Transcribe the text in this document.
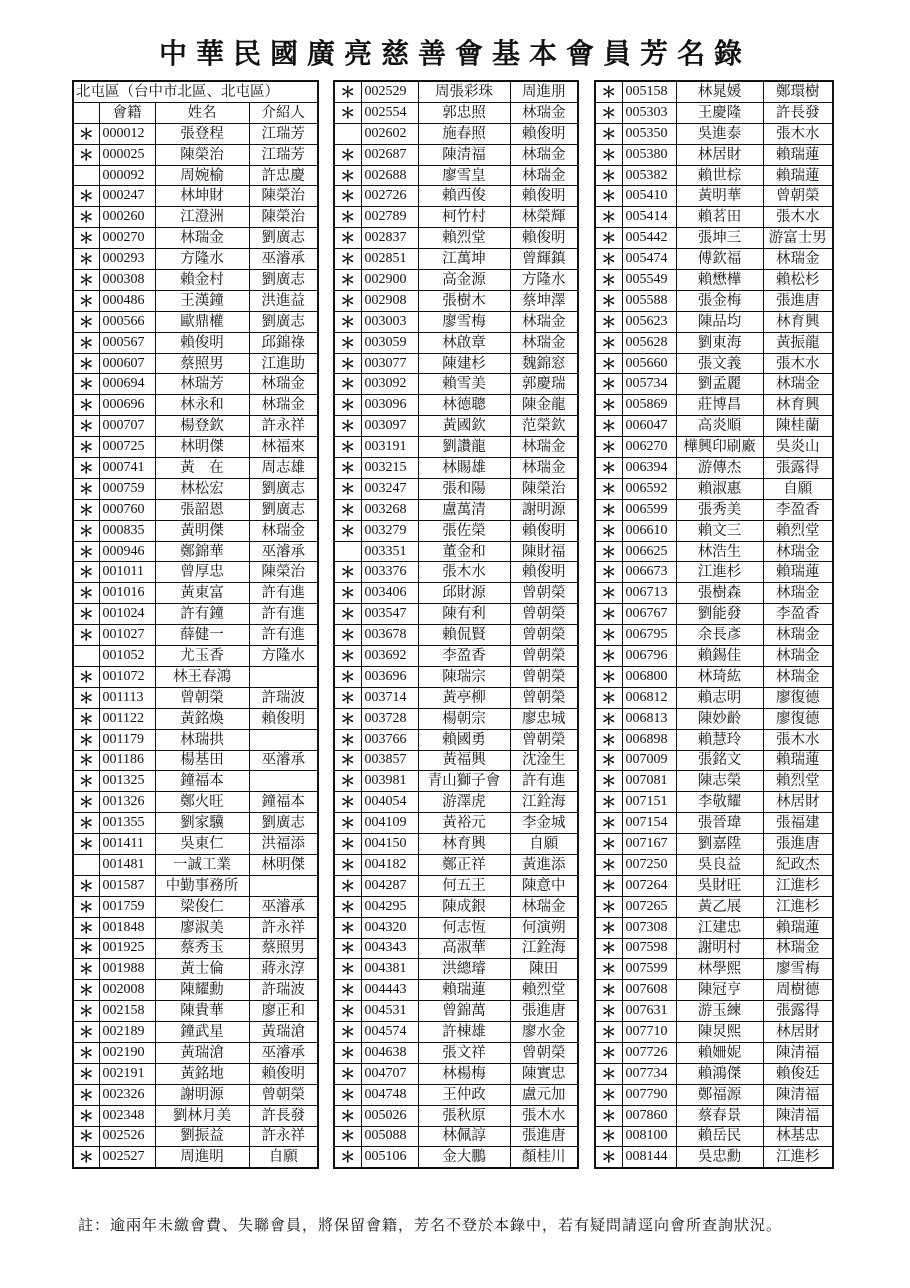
中華民國廣亮慈善會基本會員芳名錄
北屯區（台中市北區、北屯區）			
	會籍	姓名	介紹人
＊	000012	張登程	江瑞芳
＊	000025	陳榮治	江瑞芳
	000092	周婉榆	許忠慶
＊	000247	林坤財	陳榮治
＊	000260	江澄洲	陳榮治
＊	000270	林瑞金	劉廣志
＊	000293	方隆水	巫濬承
＊	000308	賴金村	劉廣志
＊	000486	王漢鐘	洪進益
＊	000566	歐鼎權	劉廣志
＊	000567	賴俊明	邱錦祿
＊	000607	蔡照男	江進助
＊	000694	林瑞芳	林瑞金
＊	000696	林永和	林瑞金
＊	000707	楊登欽	許永祥
＊	000725	林明傑	林福來
＊	000741	黃　在	周志雄
＊	000759	林松宏	劉廣志
＊	000760	張韶恩	劉廣志
＊	000835	黃明傑	林瑞金
＊	000946	鄭錦華	巫濬承
＊	001011	曾厚忠	陳榮治
＊	001016	黃東富	許有進
＊	001024	許有鐘	許有進
＊	001027	薛健一	許有進
	001052	尤玉香	方隆水
＊	001072	林王春鴻	
＊	001113	曾朝榮	許瑞波
＊	001122	黃銘煥	賴俊明
＊	001179	林瑞拱	
＊	001186	楊基田	巫濬承
＊	001325	鐘福本	
＊	001326	鄭火旺	鐘福本
＊	001355	劉家驥	劉廣志
＊	001411	吳東仁	洪福添
	001481	一誠工業	林明傑
＊	001587	中勤事務所	
＊	001759	梁俊仁	巫濬承
＊	001848	廖淑美	許永祥
＊	001925	蔡秀玉	蔡照男
＊	001988	黃士倫	蔣永淳
＊	002008	陳耀勳	許瑞波
＊	002158	陳貴華	廖正和
＊	002189	鐘武星	黃瑞滄
＊	002190	黃瑞滄	巫濬承
＊	002191	黃銘地	賴俊明
＊	002326	謝明源	曾朝榮
＊	002348	劉林月美	許長發
＊	002526	劉振益	許永祥
＊	002527	周進明	自願
＊	002529	周張彩珠	周進朋
＊	002554	郭忠照	林瑞金
	002602	施春照	賴俊明
＊	002687	陳清福	林瑞金
＊	002688	廖雪皇	林瑞金
＊	002726	賴西俊	賴俊明
＊	002789	柯竹村	林榮輝
＊	002837	賴烈堂	賴俊明
＊	002851	江萬坤	曾輝鎮
＊	002900	高金源	方隆水
＊	002908	張樹木	蔡坤澤
＊	003003	廖雪梅	林瑞金
＊	003059	林啟章	林瑞金
＊	003077	陳建杉	魏錦窓
＊	003092	賴雪美	郭慶瑞
＊	003096	林德聰	陳金龍
＊	003097	黃國欽	范榮欽
＊	003191	劉讚龍	林瑞金
＊	003215	林賜雄	林瑞金
＊	003247	張和陽	陳榮治
＊	003268	盧萬清	謝明源
＊	003279	張佐榮	賴俊明
	003351	董金和	陳財福
＊	003376	張木水	賴俊明
＊	003406	邱財源	曾朝榮
＊	003547	陳有利	曾朝榮
＊	003678	賴侃賢	曾朝榮
＊	003692	李盈香	曾朝榮
＊	003696	陳瑞宗	曾朝榮
＊	003714	黃亭柳	曾朝榮
＊	003728	楊朝宗	廖忠城
＊	003766	賴國勇	曾朝榮
＊	003857	黃福興	沈淦生
＊	003981	青山獅子會	許有進
＊	004054	游澤虎	江銓海
＊	004109	黃裕元	李金城
＊	004150	林育興	自願
＊	004182	鄭正祥	黃進添
＊	004287	何五王	陳意中
＊	004295	陳成銀	林瑞金
＊	004320	何志恆	何演朔
＊	004343	高淑華	江銓海
＊	004381	洪總璿	陳田
＊	004443	賴瑞蓮	賴烈堂
＊	004531	曾錦萬	張進唐
＊	004574	許棟雄	廖水金
＊	004638	張文祥	曾朝榮
＊	004707	林楊梅	陳實忠
＊	004748	王仲政	盧元加
＊	005026	張秋原	張木水
＊	005088	林佩諄	張進唐
＊	005106	金大鵬	顏桂川
＊	005158	林晁媛	鄭環樹
＊	005303	王慶隆	許長發
＊	005350	吳進泰	張木水
＊	005380	林居財	賴瑞蓮
＊	005382	賴世棕	賴瑞蓮
＊	005410	黃明華	曾朝榮
＊	005414	賴茗田	張木水
＊	005442	張坤三	游富士男
＊	005474	傅欽福	林瑞金
＊	005549	賴懋樺	賴松杉
＊	005588	張金梅	張進唐
＊	005623	陳品均	林育興
＊	005628	劉東海	黃振龍
＊	005660	張文義	張木水
＊	005734	劉孟麗	林瑞金
＊	005869	莊博昌	林育興
＊	006047	高炎順	陳桂蘭
＊	006270	樺興印刷廠	吳炎山
＊	006394	游傳杰	張露得
＊	006592	賴淑惠	自願
＊	006599	張秀美	李盈香
＊	006610	賴文三	賴烈堂
＊	006625	林浩生	林瑞金
＊	006673	江進杉	賴瑞蓮
＊	006713	張樹森	林瑞金
＊	006767	劉能發	李盈香
＊	006795	余長彥	林瑞金
＊	006796	賴錫佳	林瑞金
＊	006800	林琦紘	林瑞金
＊	006812	賴志明	廖復德
＊	006813	陳妙齡	廖復德
＊	006898	賴慧玲	張木水
＊	007009	張銘文	賴瑞蓮
＊	007081	陳志榮	賴烈堂
＊	007151	李敬耀	林居財
＊	007154	張晉瑋	張福建
＊	007167	劉嘉陞	張進唐
＊	007250	吳良益	紀政杰
＊	007264	吳財旺	江進杉
＊	007265	黃乙展	江進杉
＊	007308	江建忠	賴瑞蓮
＊	007598	謝明村	林瑞金
＊	007599	林學熙	廖雪梅
＊	007608	陳冠亨	周樹德
＊	007631	游玉練	張露得
＊	007710	陳炅熙	林居財
＊	007726	賴姍妮	陳清福
＊	007734	賴鴻傑	賴俊廷
＊	007790	鄭福源	陳清福
＊	007860	蔡春景	陳清福
＊	008100	賴岳民	林基忠
＊	008144	吳忠勳	江進杉
註：逾兩年未繳會費、失聯會員，將保留會籍，芳名不登於本錄中，若有疑問請逕向會所查詢狀況。
